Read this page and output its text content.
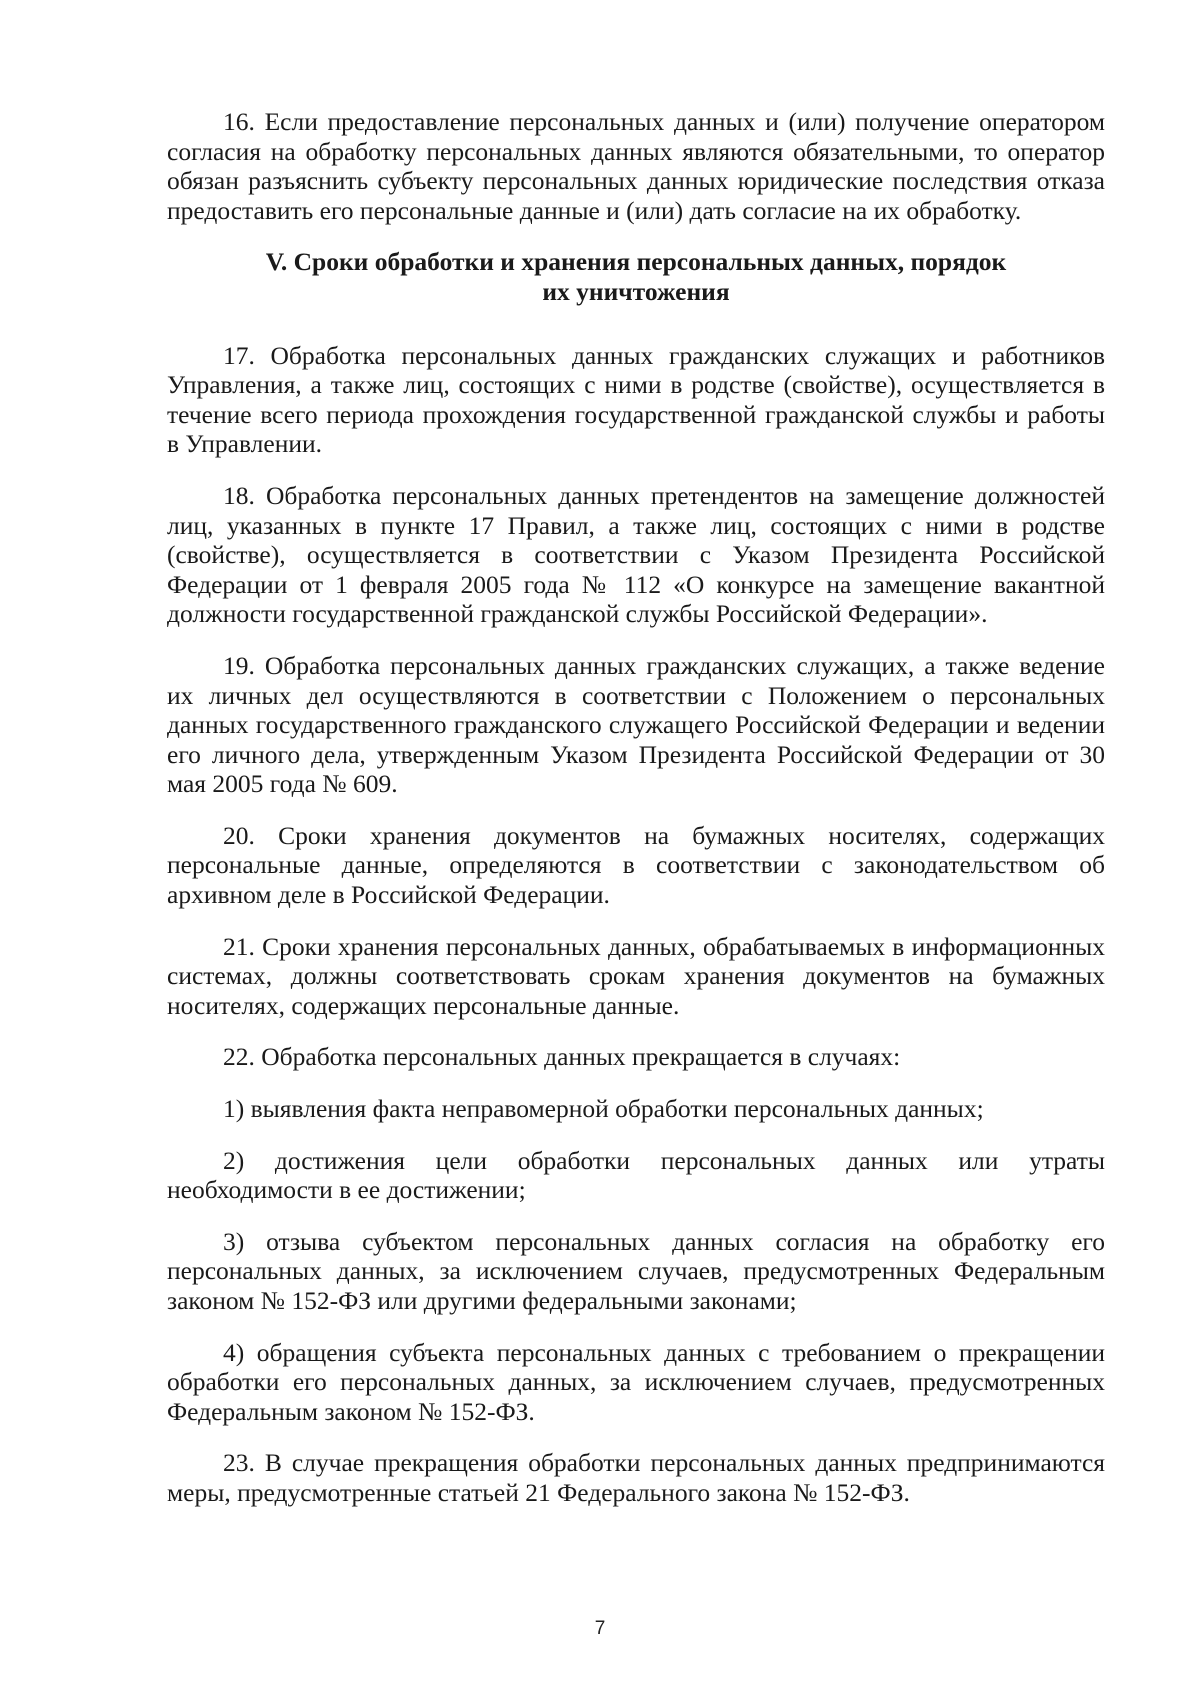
16. Если предоставление персональных данных и (или) получение оператором согласия на обработку персональных данных являются обязательными, то оператор обязан разъяснить субъекту персональных данных юридические последствия отказа предоставить его персональные данные и (или) дать согласие на их обработку.

V. Сроки обработки и хранения персональных данных, порядок
их уничтожения

17. Обработка персональных данных гражданских служащих и работников Управления, а также лиц, состоящих с ними в родстве (свойстве), осуществляется в течение всего периода прохождения государственной гражданской службы и работы в Управлении.

18. Обработка персональных данных претендентов на замещение должностей лиц, указанных в пункте 17 Правил, а также лиц, состоящих с ними в родстве (свойстве), осуществляется в соответствии с Указом Президента Российской Федерации от 1 февраля 2005 года № 112 «О конкурсе на замещение вакантной должности государственной гражданской службы Российской Федерации».

19. Обработка персональных данных гражданских служащих, а также ведение их личных дел осуществляются в соответствии с Положением о персональных данных государственного гражданского служащего Российской Федерации и ведении его личного дела, утвержденным Указом Президента Российской Федерации от 30 мая 2005 года № 609.

20. Сроки хранения документов на бумажных носителях, содержащих персональные данные, определяются в соответствии с законодательством об архивном деле в Российской Федерации.

21. Сроки хранения персональных данных, обрабатываемых в информационных системах, должны соответствовать срокам хранения документов на бумажных носителях, содержащих персональные данные.

22. Обработка персональных данных прекращается в случаях:

1) выявления факта неправомерной обработки персональных данных;

2) достижения цели обработки персональных данных или утраты необходимости в ее достижении;

3) отзыва субъектом персональных данных согласия на обработку его персональных данных, за исключением случаев, предусмотренных Федеральным законом № 152-ФЗ или другими федеральными законами;

4) обращения субъекта персональных данных с требованием о прекращении обработки его персональных данных, за исключением случаев, предусмотренных Федеральным законом № 152-ФЗ.

23. В случае прекращения обработки персональных данных предпринимаются меры, предусмотренные статьей 21 Федерального закона № 152-ФЗ.

7
